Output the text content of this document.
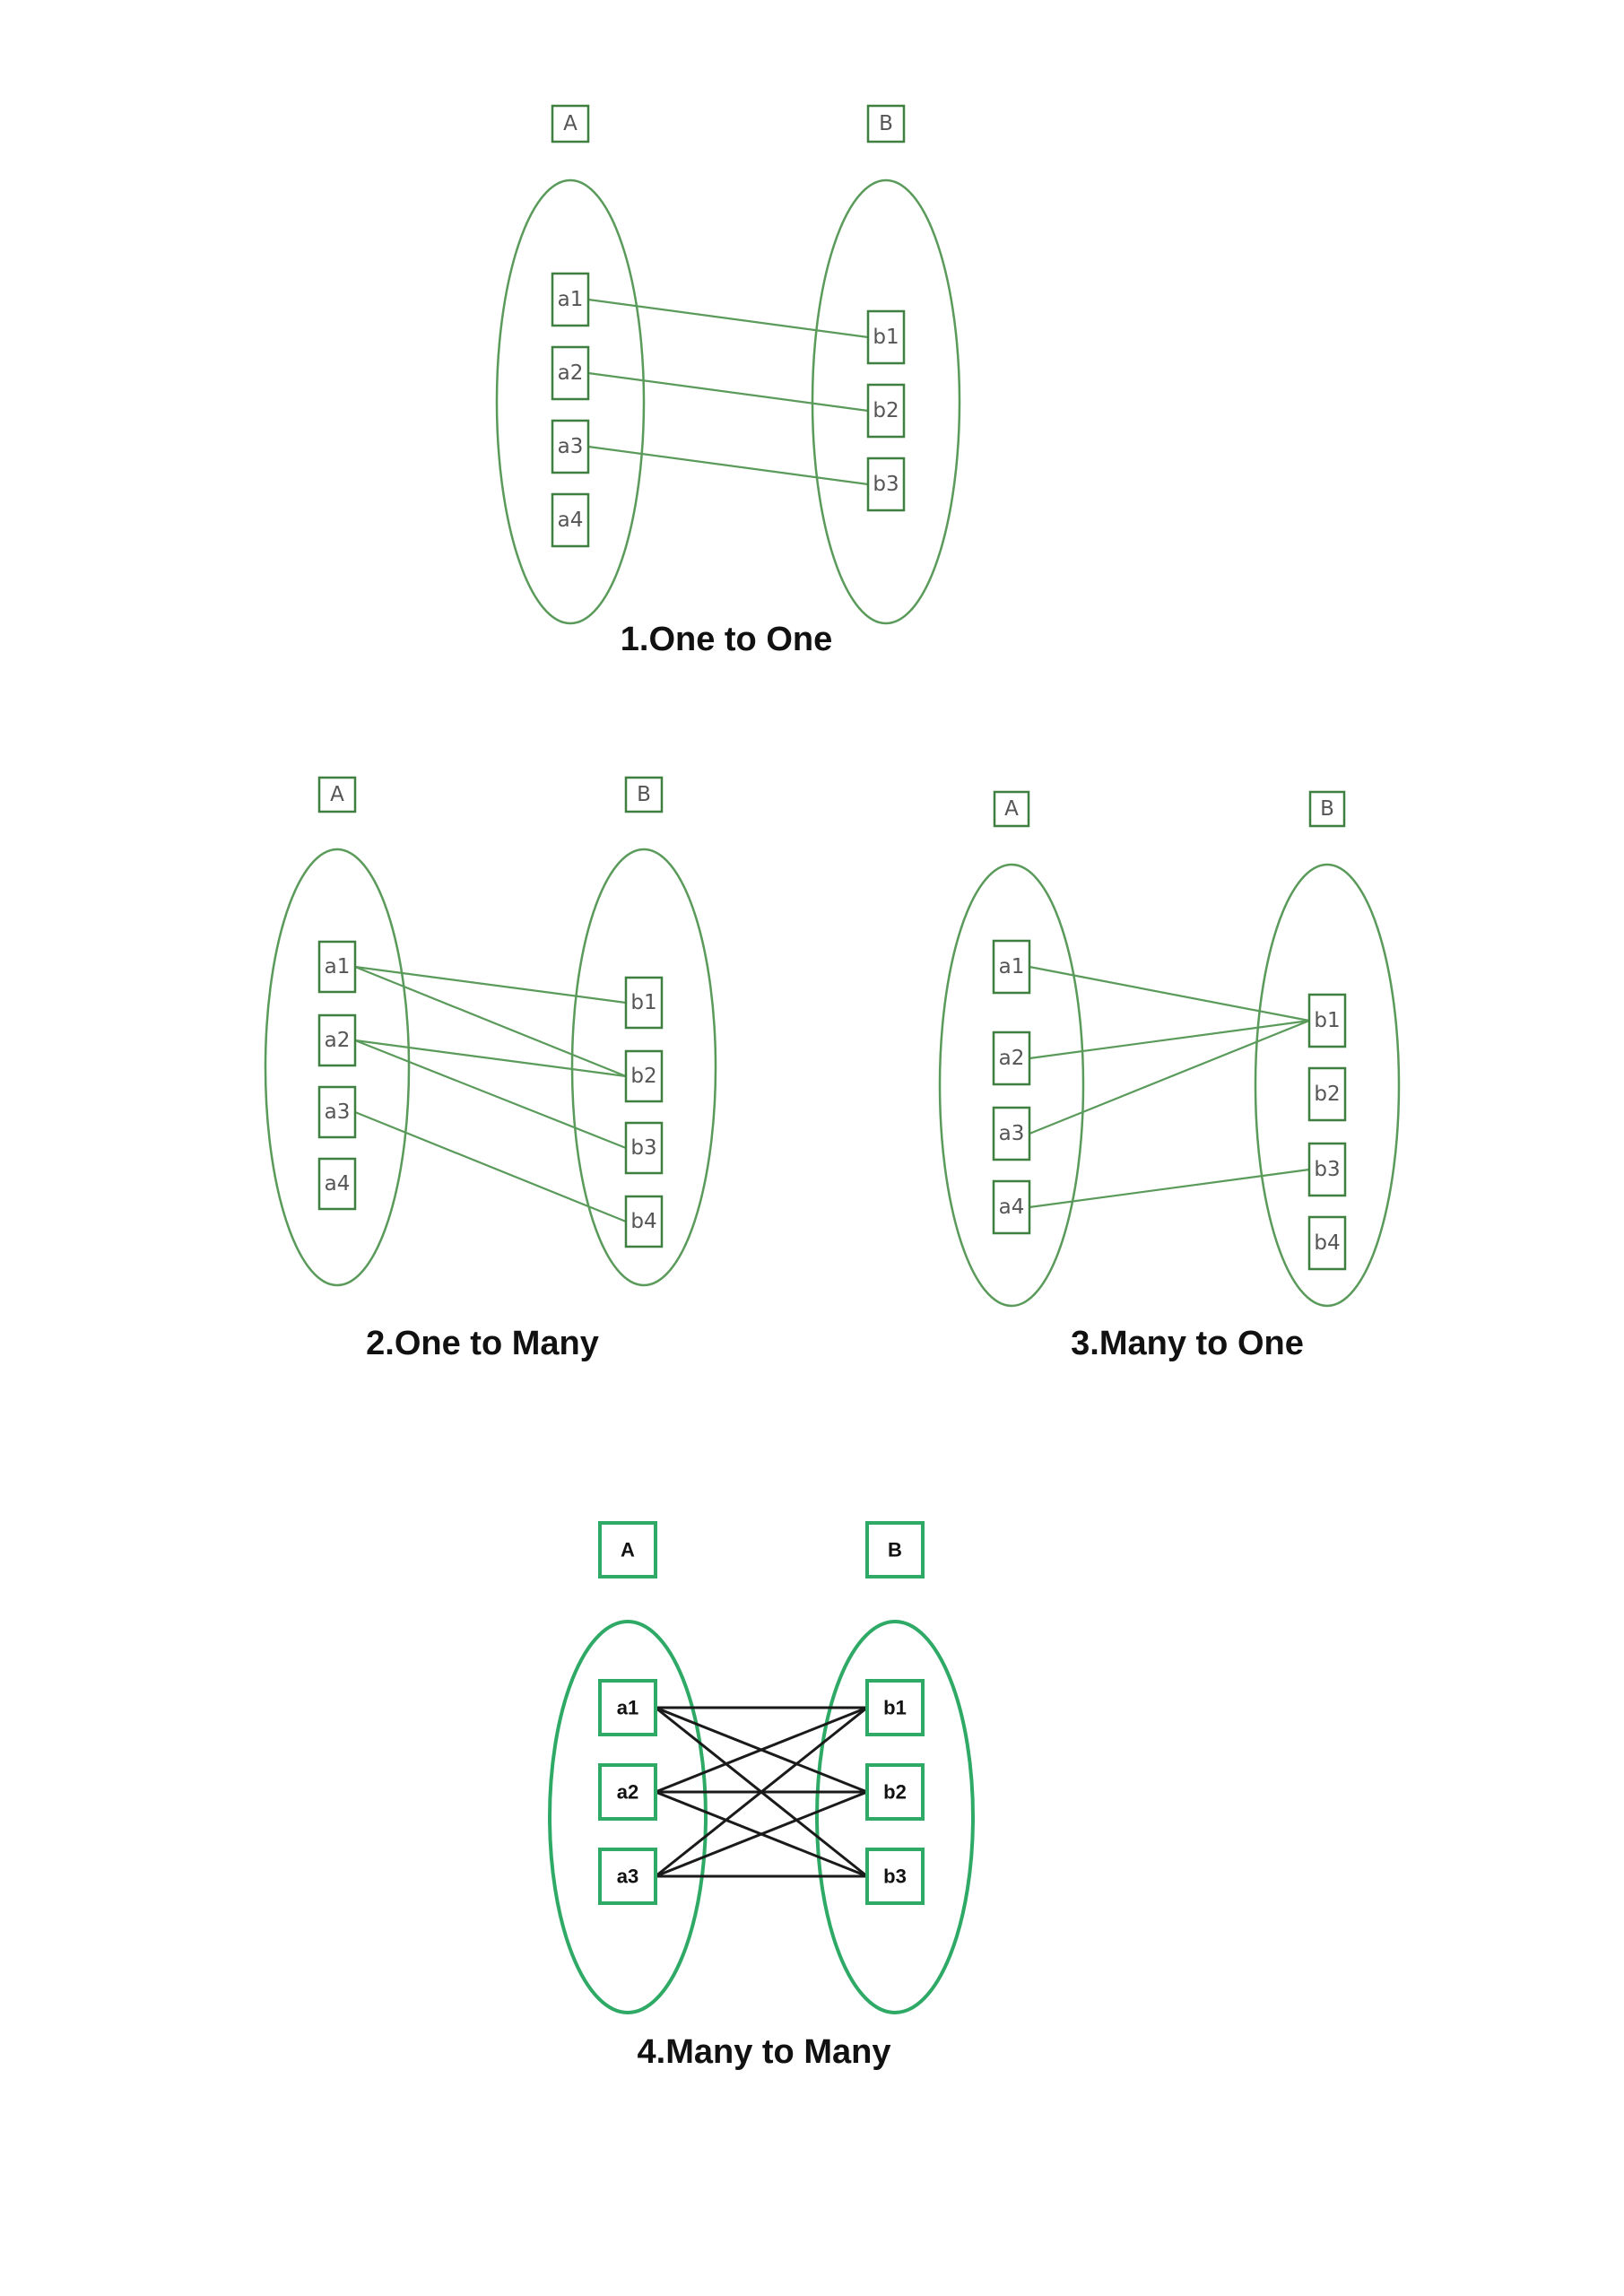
A	B
a1
a2
a3
a4
b1
b2
b3
1.One to One
A	B
a1
a2
a3
a4
b1
b2
b3
b4
2.One to Many
A	B
a1
a2
a3
a4
b1
b2
b3
b4
3.Many to One
A	B
a1
a2
a3
b1
b2
b3
4.Many to Many
